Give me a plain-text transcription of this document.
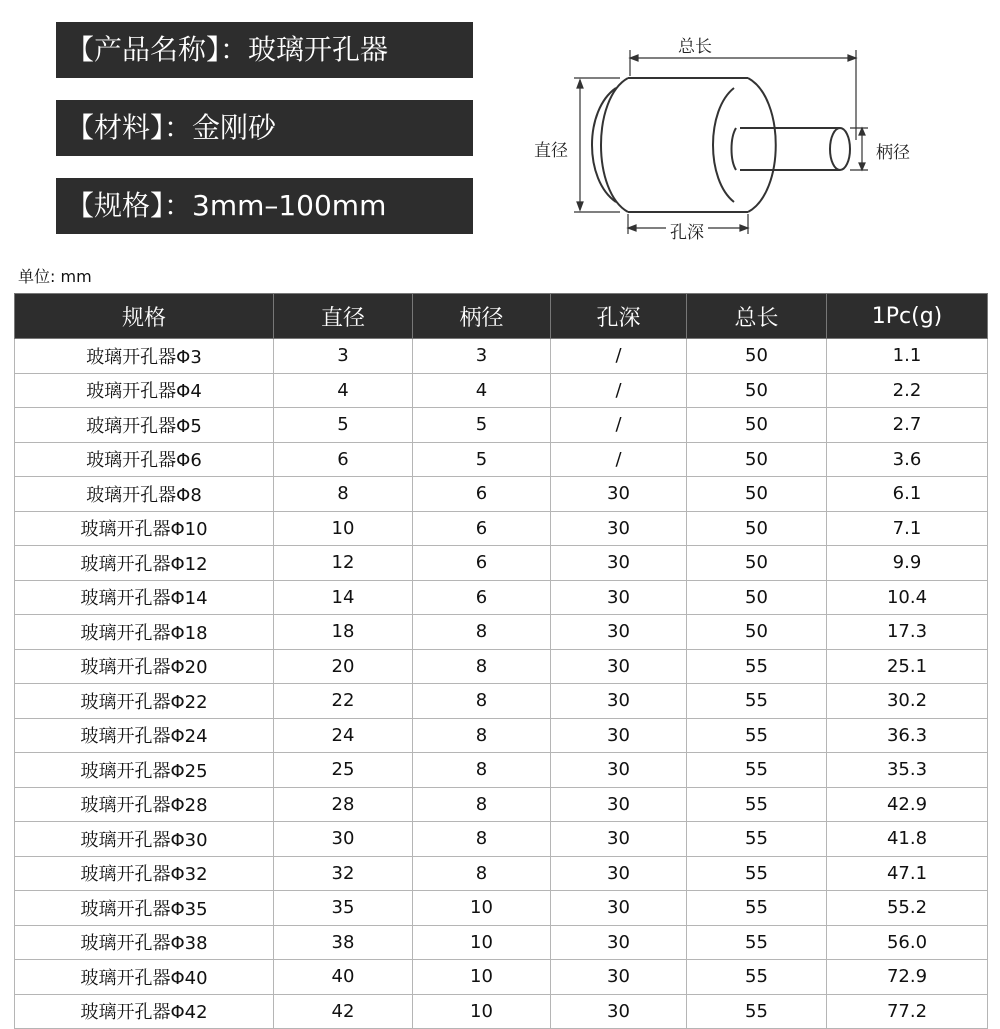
【产品名称】：玻璃开孔器
【材料】：金刚砂
【规格】：3mm–100mm
总长
直径	柄径
孔深
单位: mm
规格	直径	柄径	孔深	总长	1Pc(g)
玻璃开孔器Φ3	3	3	/	50	1.1
玻璃开孔器Φ4	4	4	/	50	2.2
玻璃开孔器Φ5	5	5	/	50	2.7
玻璃开孔器Φ6	6	5	/	50	3.6
玻璃开孔器Φ8	8	6	30	50	6.1
玻璃开孔器Φ10	10	6	30	50	7.1
玻璃开孔器Φ12	12	6	30	50	9.9
玻璃开孔器Φ14	14	6	30	50	10.4
玻璃开孔器Φ18	18	8	30	50	17.3
玻璃开孔器Φ20	20	8	30	55	25.1
玻璃开孔器Φ22	22	8	30	55	30.2
玻璃开孔器Φ24	24	8	30	55	36.3
玻璃开孔器Φ25	25	8	30	55	35.3
玻璃开孔器Φ28	28	8	30	55	42.9
玻璃开孔器Φ30	30	8	30	55	41.8
玻璃开孔器Φ32	32	8	30	55	47.1
玻璃开孔器Φ35	35	10	30	55	55.2
玻璃开孔器Φ38	38	10	30	55	56.0
玻璃开孔器Φ40	40	10	30	55	72.9
玻璃开孔器Φ42	42	10	30	55	77.2
